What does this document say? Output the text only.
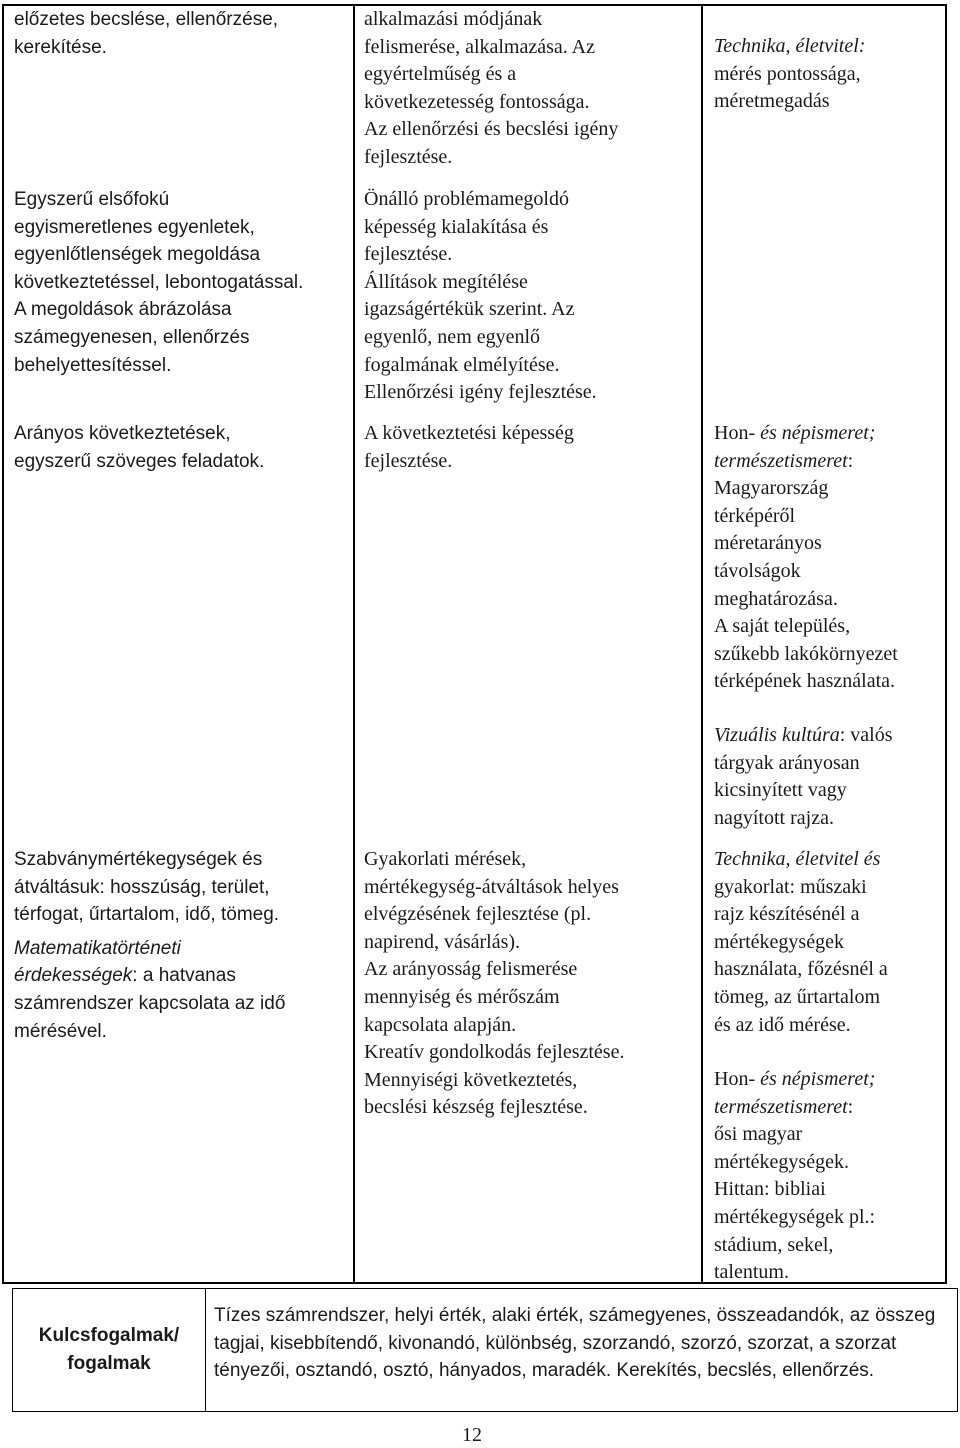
előzetes becslése, ellenőrzése,

kerekítése.

Egyszerű elsőfokú

egyismeretlenes egyenletek,

egyenlőtlenségek megoldása

következtetéssel, lebontogatással.

A megoldások ábrázolása

számegyenesen, ellenőrzés

behelyettesítéssel.

Arányos következtetések,

egyszerű szöveges feladatok.

Szabványmértékegységek és

átváltásuk: hosszúság, terület,

térfogat, űrtartalom, idő, tömeg.

Matematikatörténeti

érdekességek: a hatvanas

számrendszer kapcsolata az idő

mérésével.

alkalmazási módjának

felismerése, alkalmazása. Az

egyértelműség és a

következetesség fontossága.

Az ellenőrzési és becslési igény

fejlesztése.

Önálló problémamegoldó

képesség kialakítása és

fejlesztése.

Állítások megítélése

igazságértékük szerint. Az

egyenlő, nem egyenlő

fogalmának elmélyítése.

Ellenőrzési igény fejlesztése.

A következtetési képesség

fejlesztése.

Gyakorlati mérések,

mértékegység-átváltások helyes

elvégzésének fejlesztése (pl.

napirend, vásárlás).

Az arányosság felismerése

mennyiség és mérőszám

kapcsolata alapján.

Kreatív gondolkodás fejlesztése.

Mennyiségi következtetés,

becslési készség fejlesztése.

Technika, életvitel:

mérés pontossága,

méretmegadás

Hon- és népismeret;

természetismeret:

Magyarország

térképéről

méretarányos

távolságok

meghatározása.

A saját település,

szűkebb lakókörnyezet

térképének használata.

Vizuális kultúra: valós

tárgyak arányosan

kicsinyített vagy

nagyított rajza.

Technika, életvitel és

gyakorlat: műszaki

rajz készítésénél a

mértékegységek

használata, főzésnél a

tömeg, az űrtartalom

és az idő mérése.

Hon- és népismeret;

természetismeret:

ősi magyar

mértékegységek.

Hittan: bibliai

mértékegységek pl.:

stádium, sekel,

talentum.

Kulcsfogalmak/
fogalmak
Tízes számrendszer, helyi érték, alaki érték, számegyenes, összeadandók, az összeg tagjai, kisebbítendő, kivonandó, különbség, szorzandó, szorzó, szorzat, a szorzat tényezői, osztandó, osztó, hányados, maradék. Kerekítés, becslés, ellenőrzés.
12
